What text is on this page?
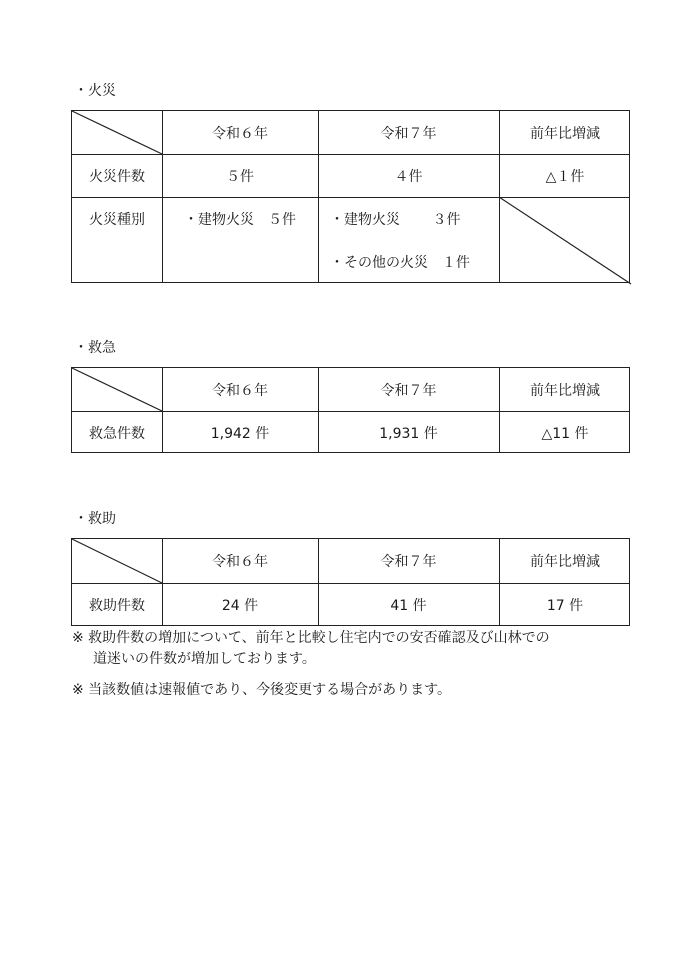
・火災
令和６年	令和７年	前年比増減
火災件数	５件	４件	△１件
火災種別	・建物火災　５件	・建物火災　　 ３件
・その他の火災　１件
・救急
令和６年	令和７年	前年比増減
救急件数	1,942 件	1,931 件	△11 件
・救助
令和６年	令和７年	前年比増減
救助件数	24 件	41 件	17 件
※ 救助件数の増加について、前年と比較し住宅内での安否確認及び山林での
道迷いの件数が増加しております。
※ 当該数値は速報値であり、今後変更する場合があります。
